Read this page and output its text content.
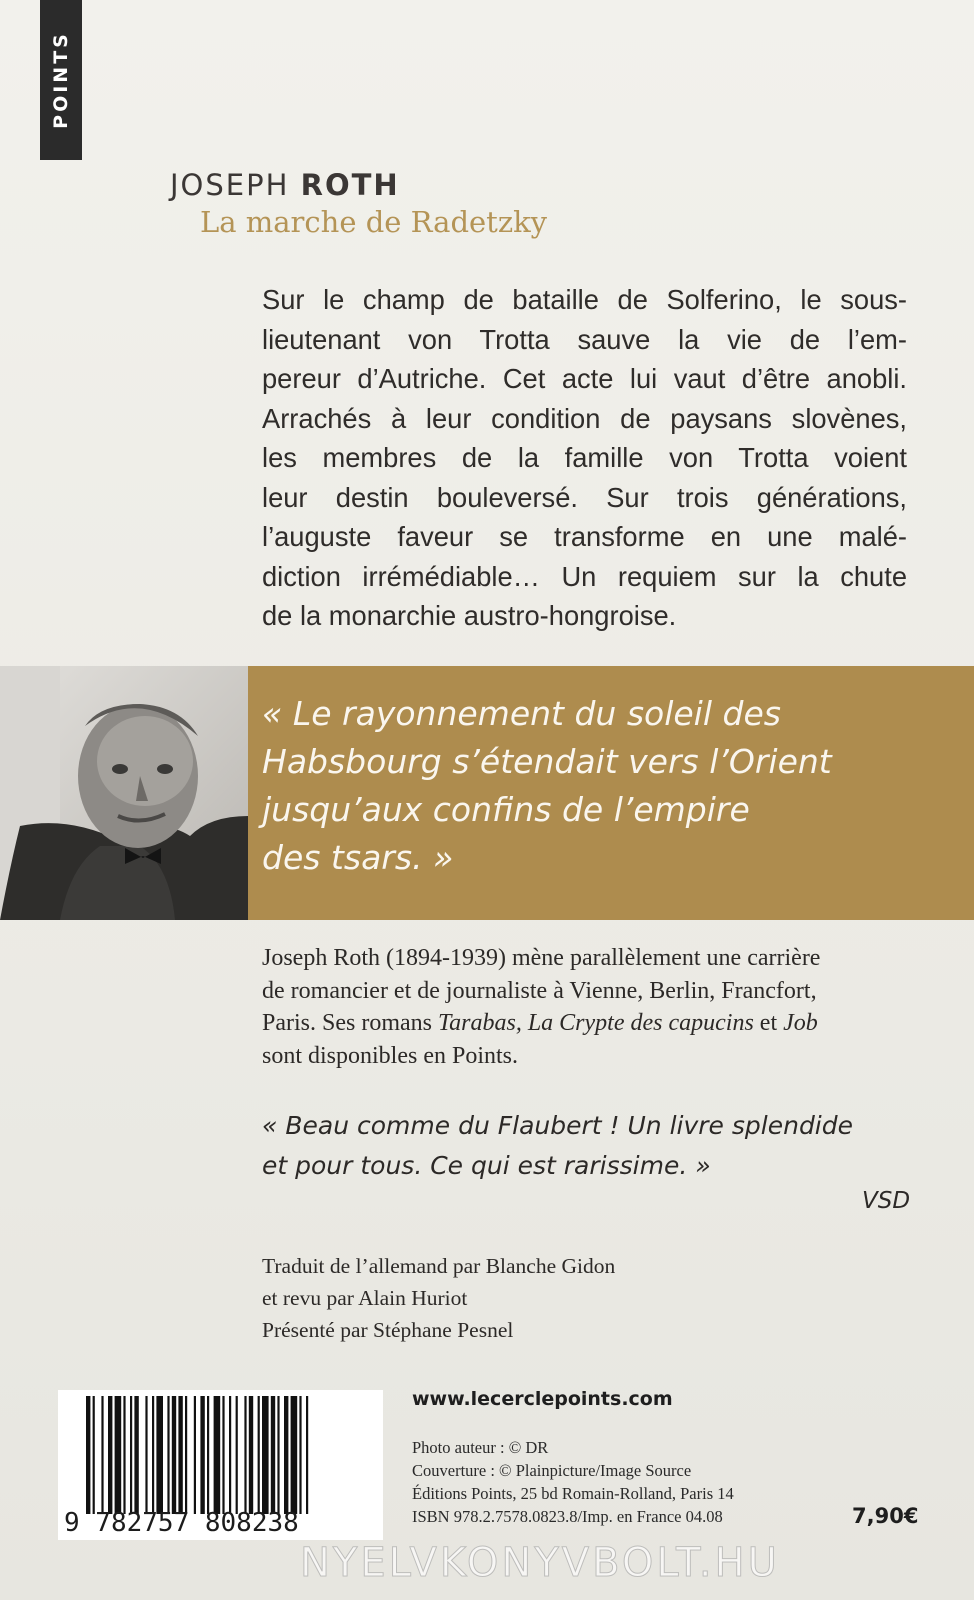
POINTS
JOSEPH ROTH
La marche de Radetzky
Sur le champ de bataille de Solferino, le sous-
lieutenant von Trotta sauve la vie de l’em-
pereur d’Autriche. Cet acte lui vaut d’être anobli.
Arrachés à leur condition de paysans slovènes,
les membres de la famille von Trotta voient
leur destin bouleversé. Sur trois générations,
l’auguste faveur se transforme en une malé-
diction irrémédiable… Un requiem sur la chute
de la monarchie austro-hongroise.
« Le rayonnement du soleil des
Habsbourg s’étendait vers l’Orient
jusqu’aux confins de l’empire
des tsars. »
Joseph Roth (1894-1939) mène parallèlement une carrière
de romancier et de journaliste à Vienne, Berlin, Francfort,
Paris. Ses romans Tarabas, La Crypte des capucins et Job
sont disponibles en Points.
« Beau comme du Flaubert ! Un livre splendide
et pour tous. Ce qui est rarissime. »
VSD
Traduit de l’allemand par Blanche Gidon
et revu par Alain Huriot
Présenté par Stéphane Pesnel
9 782757 808238
www.lecerclepoints.com
Photo auteur : © DR
Couverture : © Plainpicture/Image Source
Éditions Points, 25 bd Romain-Rolland, Paris 14
ISBN 978.2.7578.0823.8/Imp. en France 04.08	7,90€
NYELVKONYVBOLT.HU
